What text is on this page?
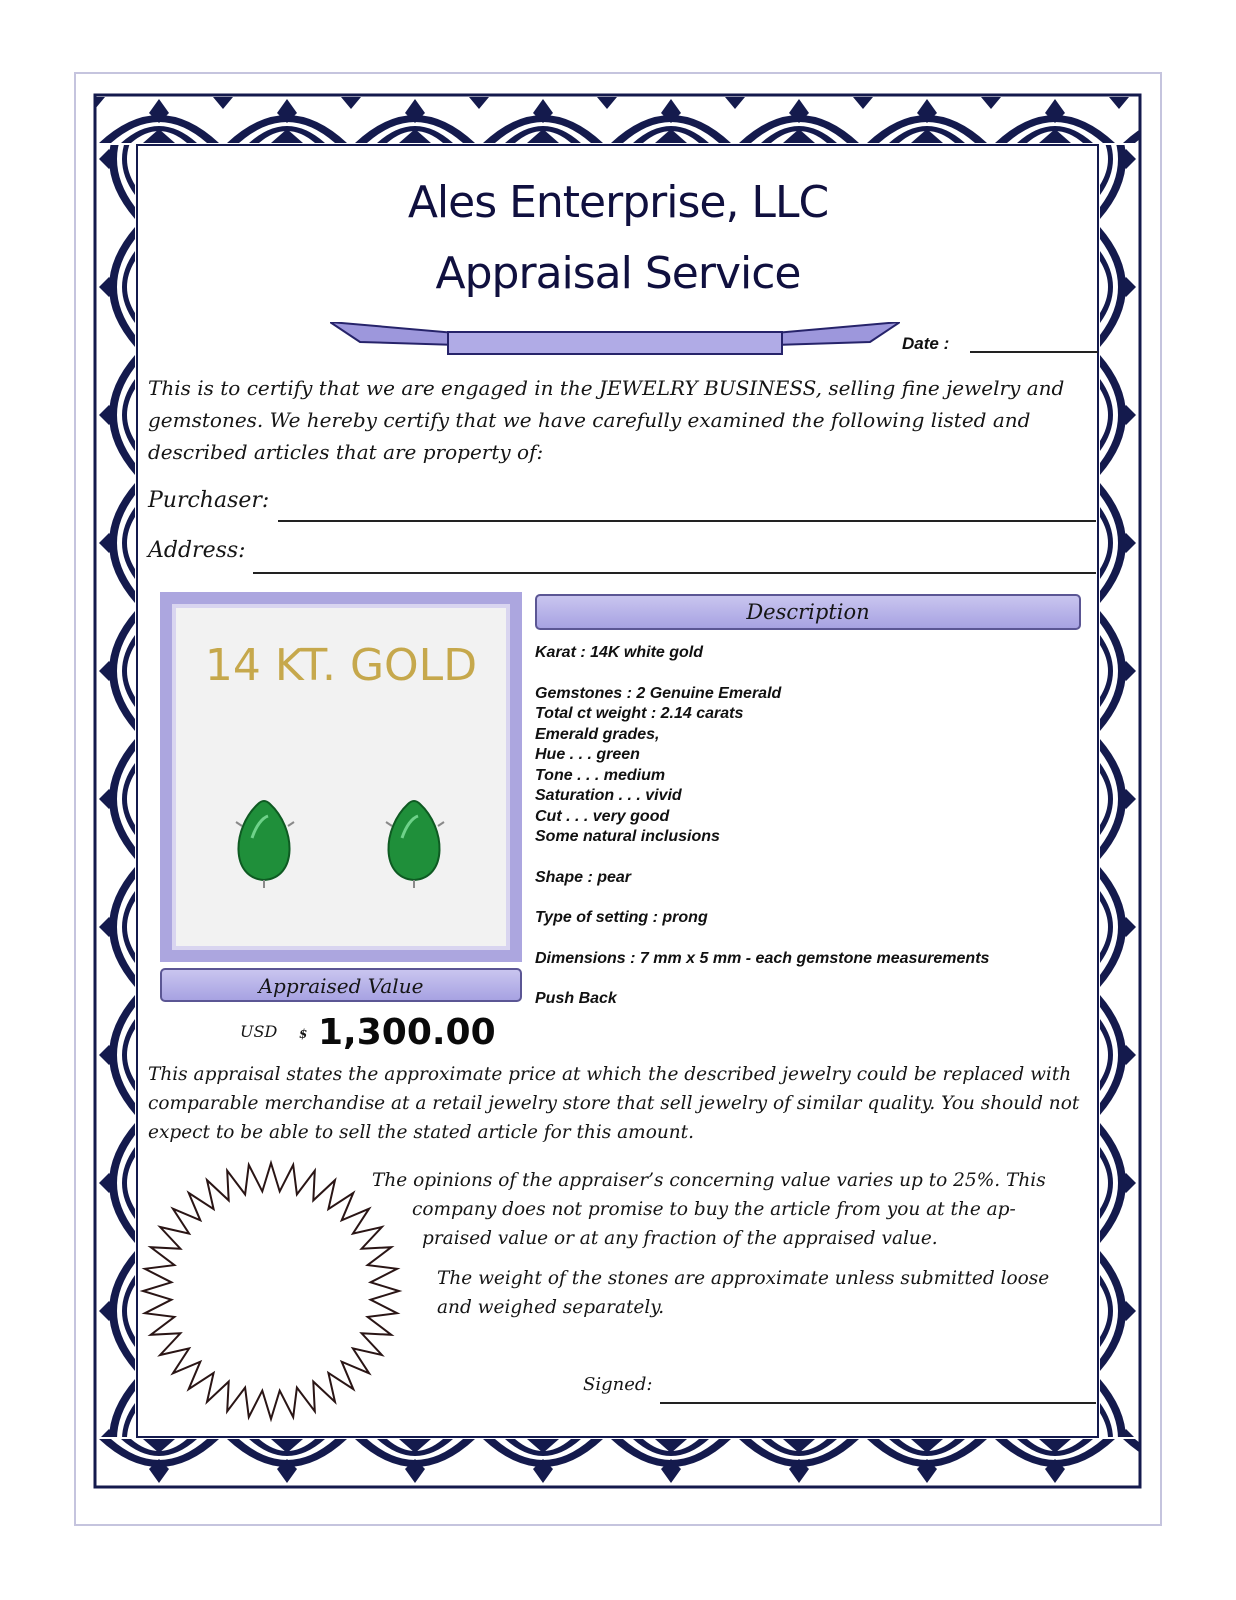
Ales Enterprise, LLC
Appraisal Service
Date :
This is to certify that we are engaged in the JEWELRY BUSINESS, selling fine jewelry and gemstones. We hereby certify that we have carefully examined the following listed and described articles that are property of:
Purchaser:
Address:
14 KT. GOLD
Description
Karat : 14K white gold
Gemstones : 2 Genuine Emerald
Total ct weight : 2.14 carats
Emerald grades,
Hue . . . green
Tone . . . medium
Saturation . . . vivid
Cut . . . very good
Some natural inclusions
Shape : pear
Type of setting : prong
Dimensions : 7 mm x 5 mm - each gemstone measurements
Push Back
Appraised Value
USD $ 1,300.00
This appraisal states the approximate price at which the described jewelry could be replaced with comparable merchandise at a retail jewelry store that sell jewelry of similar quality. You should not expect to be able to sell the stated article for this amount.
The opinions of the appraiser’s concerning value varies up to 25%. This
company does not promise to buy the article from you at the ap-
praised value or at any fraction of the appraised value.
The weight of the stones are approximate unless submitted loose and weighed separately.
Signed:
